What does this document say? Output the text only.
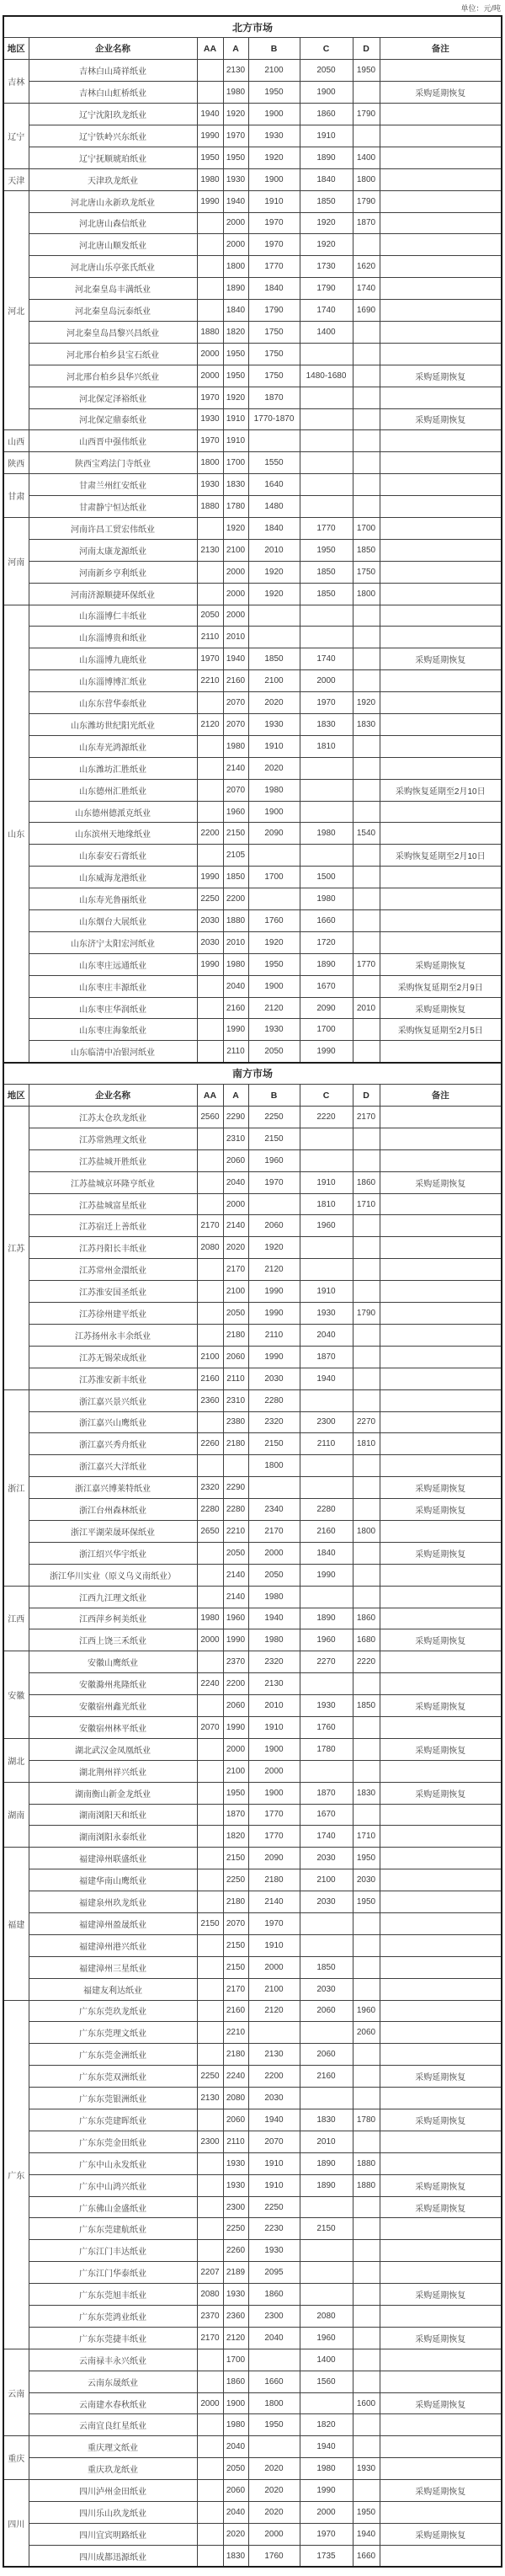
单位：元/吨
北方市场							
地区	企业名称	AA	A	B	C	D	备注
吉林	吉林白山琦祥纸业		2130	2100	2050	1950	
	吉林白山虹桥纸业		1980	1950	1900		采购延期恢复
辽宁	辽宁沈阳玖龙纸业	1940	1920	1900	1860	1790	
	辽宁铁岭兴东纸业	1990	1970	1930	1910		
	辽宁抚顺琥珀纸业	1950	1950	1920	1890	1400	
天津	天津玖龙纸业	1980	1930	1900	1840	1800	
河北	河北唐山永新玖龙纸业	1990	1940	1910	1850	1790	
	河北唐山森信纸业		2000	1970	1920	1870	
	河北唐山顺发纸业		2000	1970	1920		
	河北唐山乐亭张氏纸业		1800	1770	1730	1620	
	河北秦皇岛丰满纸业		1890	1840	1790	1740	
	河北秦皇岛沅泰纸业		1840	1790	1740	1690	
	河北秦皇岛昌黎兴昌纸业	1880	1820	1750	1400		
	河北邢台柏乡县宝石纸业	2000	1950	1750			
	河北邢台柏乡县华兴纸业	2000	1950	1750	1480-1680		采购延期恢复
	河北保定泽裕纸业	1970	1920	1870			
	河北保定鼎泰纸业	1930	1910	1770-1870			采购延期恢复
山西	山西晋中强伟纸业	1970	1910				
陕西	陕西宝鸡法门寺纸业	1800	1700	1550			
甘肃	甘肃兰州红安纸业	1930	1830	1640			
	甘肃静宁恒达纸业	1880	1780	1480			
河南	河南许昌工贸宏伟纸业		1920	1840	1770	1700	
	河南太康龙源纸业	2130	2100	2010	1950	1850	
	河南新乡亨利纸业		2000	1920	1850	1750	
	河南济源顺捷环保纸业		2000	1920	1850	1800	
山东	山东淄博仁丰纸业	2050	2000				
	山东淄博贵和纸业	2110	2010				
	山东淄博九鹿纸业	1970	1940	1850	1740		采购延期恢复
	山东淄博博汇纸业	2210	2160	2100	2000		
	山东东营华泰纸业		2070	2020	1970	1920	
	山东潍坊世纪阳光纸业	2120	2070	1930	1830	1830	
	山东寿光鸿源纸业		1980	1910	1810		
	山东潍坊汇胜纸业		2140	2020			
	山东德州汇胜纸业		2070	1980			采购恢复延期至2月10日
	山东德州德派克纸业		1960	1900			
	山东滨州天地缘纸业	2200	2150	2090	1980	1540	
	山东泰安石膏纸业		2105				采购恢复延期至2月10日
	山东威海龙港纸业	1990	1850	1700	1500		
	山东寿光鲁丽纸业	2250	2200		1980		
	山东烟台大展纸业	2030	1880	1760	1660		
	山东济宁太阳宏河纸业	2030	2010	1920	1720		
	山东枣庄远通纸业	1990	1980	1950	1890	1770	采购延期恢复
	山东枣庄丰源纸业		2040	1900	1670		采购恢复延期至2月9日
	山东枣庄华润纸业		2160	2120	2090	2010	采购延期恢复
	山东枣庄海象纸业		1990	1930	1700		采购恢复延期至2月5日
	山东临清中冶银河纸业		2110	2050	1990		
南方市场							
地区	企业名称	AA	A	B	C	D	备注
江苏	江苏太仓玖龙纸业	2560	2290	2250	2220	2170	
	江苏常熟理文纸业		2310	2150			
	江苏盐城开胜纸业		2060	1960			
	江苏盐城京环隆亨纸业		2040	1970	1910	1860	采购延期恢复
	江苏盐城富星纸业		2000		1810	1710	
	江苏宿迁上善纸业	2170	2140	2060	1960		
	江苏丹阳长丰纸业	2080	2020	1920			
	江苏常州金澴纸业		2170	2120			
	江苏淮安国圣纸业		2100	1990	1910		
	江苏徐州建平纸业		2050	1990	1930	1790	
	江苏扬州永丰余纸业		2180	2110	2040		
	江苏无锡荣成纸业	2100	2060	1990	1870		
	江苏淮安新丰纸业	2160	2110	2030	1940		
浙江	浙江嘉兴景兴纸业	2360	2310	2280			
	浙江嘉兴山鹰纸业		2380	2320	2300	2270	
	浙江嘉兴秀舟纸业	2260	2180	2150	2110	1810	
	浙江嘉兴大洋纸业			1800			
	浙江嘉兴博莱特纸业	2320	2290				采购延期恢复
	浙江台州森林纸业	2280	2280	2340	2280		采购延期恢复
	浙江平湖荣晟环保纸业	2650	2210	2170	2160	1800	
	浙江绍兴华宇纸业		2050	2000	1840		采购延期恢复
	浙江华川实业（原义乌义南纸业）		2140	2050	1990		
江西	江西九江理文纸业		2140	1980			
	江西萍乡柯美纸业	1980	1960	1940	1890	1860	
	江西上饶三禾纸业	2000	1990	1980	1960	1680	采购延期恢复
安徽	安徽山鹰纸业		2370	2320	2270	2220	
	安徽滁州兆隆纸业	2240	2200	2130			
	安徽宿州鑫光纸业		2060	2010	1930	1850	采购延期恢复
	安徽宿州林平纸业	2070	1990	1910	1760		
湖北	湖北武汉金凤凰纸业		2000	1900	1780		采购延期恢复
	湖北荆州祥兴纸业		2100	2000			
湖南	湖南衡山新金龙纸业		1950	1900	1870	1830	采购延期恢复
	湖南浏阳天和纸业		1870	1770	1670		
	湖南浏阳永泰纸业		1820	1770	1740	1710	
福建	福建漳州联盛纸业		2150	2090	2030	1950	
	福建华南山鹰纸业		2250	2180	2100	2030	
	福建泉州玖龙纸业		2180	2140	2030	1950	
	福建漳州盈晟纸业	2150	2070	1970			
	福建漳州港兴纸业		2150	1910			
	福建漳州三星纸业		2150	2000	1850		
	福建友利达纸业		2170	2100	2030		
广东	广东东莞玖龙纸业		2160	2120	2060	1960	
	广东东莞理文纸业		2210			2060	
	广东东莞金洲纸业		2180	2130	2060		
	广东东莞双洲纸业	2250	2240	2200	2160		采购延期恢复
	广东东莞银洲纸业	2130	2080	2030			
	广东东莞建晖纸业		2060	1940	1830	1780	采购延期恢复
	广东东莞金田纸业	2300	2110	2070	2010		
	广东中山永发纸业		1930	1910	1890	1880	
	广东中山鸿兴纸业		1930	1910	1890	1880	采购延期恢复
	广东佛山金盛纸业		2300	2250			采购延期恢复
	广东东莞建航纸业		2250	2230	2150		
	广东江门丰达纸业		2260	1930			
	广东江门华泰纸业	2207	2189	2095			
	广东东莞旭丰纸业	2080	1930	1860			采购延期恢复
	广东东莞鸿业纸业	2370	2360	2300	2080		
	广东东莞捷丰纸业	2170	2120	2040	1960		采购延期恢复
云南	云南禄丰永兴纸业		1700		1400		
	云南东晟纸业		1860	1660	1560		
	云南建水春秋纸业	2000	1900	1800		1600	采购延期恢复
	云南宜良红星纸业		1980	1950	1820		
重庆	重庆理文纸业		2040		1940		
	重庆玖龙纸业		2050	2020	1980	1930	
四川	四川泸州金田纸业		2060	2020	1990		采购延期恢复
	四川乐山玖龙纸业		2040	2020	2000	1950	
	四川宜宾明路纸业		2020	2000	1970	1940	采购延期恢复
	四川成都迅源纸业		1830	1760	1735	1660	
